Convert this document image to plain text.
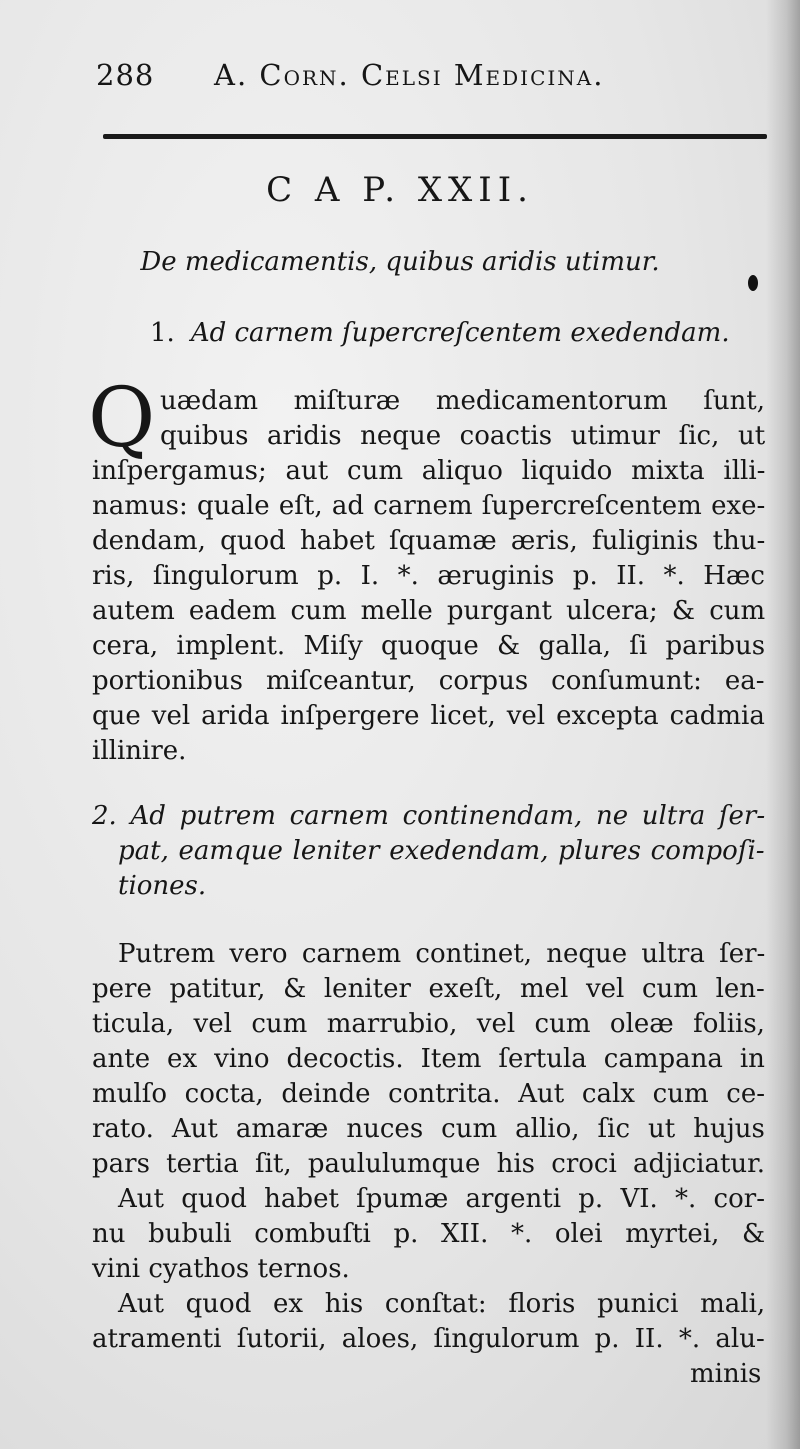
288 A. Corn. Celsi Medicina.
C A P. XXII.
De medicamentis, quibus aridis utimur.
1. Ad carnem ſupercreſcentem exedendam.
Q uædam miſturæ medicamentorum ſunt,
quibus aridis neque coactis utimur ſic, ut
inſpergamus; aut cum aliquo liquido mixta illi-
namus: quale eſt, ad carnem ſupercreſcentem exe-
dendam, quod habet ſquamæ æris, fuliginis thu-
ris, ſingulorum p. I. *. æruginis p. II. *. Hæc
autem eadem cum melle purgant ulcera; & cum
cera, implent. Miſy quoque & galla, ſi paribus
portionibus miſceantur, corpus conſumunt: ea-
que vel arida inſpergere licet, vel excepta cadmia
illinire.
2. Ad putrem carnem continendam, ne ultra ſer-
pat, eamque leniter exedendam, plures compoſi-
tiones.
Putrem vero carnem continet, neque ultra ſer-
pere patitur, & leniter exeſt, mel vel cum len-
ticula, vel cum marrubio, vel cum oleæ foliis,
ante ex vino decoctis. Item ſertula campana in
mulſo cocta, deinde contrita. Aut calx cum ce-
rato. Aut amaræ nuces cum allio, ſic ut hujus
pars tertia ſit, paululumque his croci adjiciatur.
Aut quod habet ſpumæ argenti p. VI. *. cor-
nu bubuli combuſti p. XII. *. olei myrtei, &
vini cyathos ternos.
Aut quod ex his conſtat: floris punici mali,
atramenti ſutorii, aloes, ſingulorum p. II. *. alu-
minis
